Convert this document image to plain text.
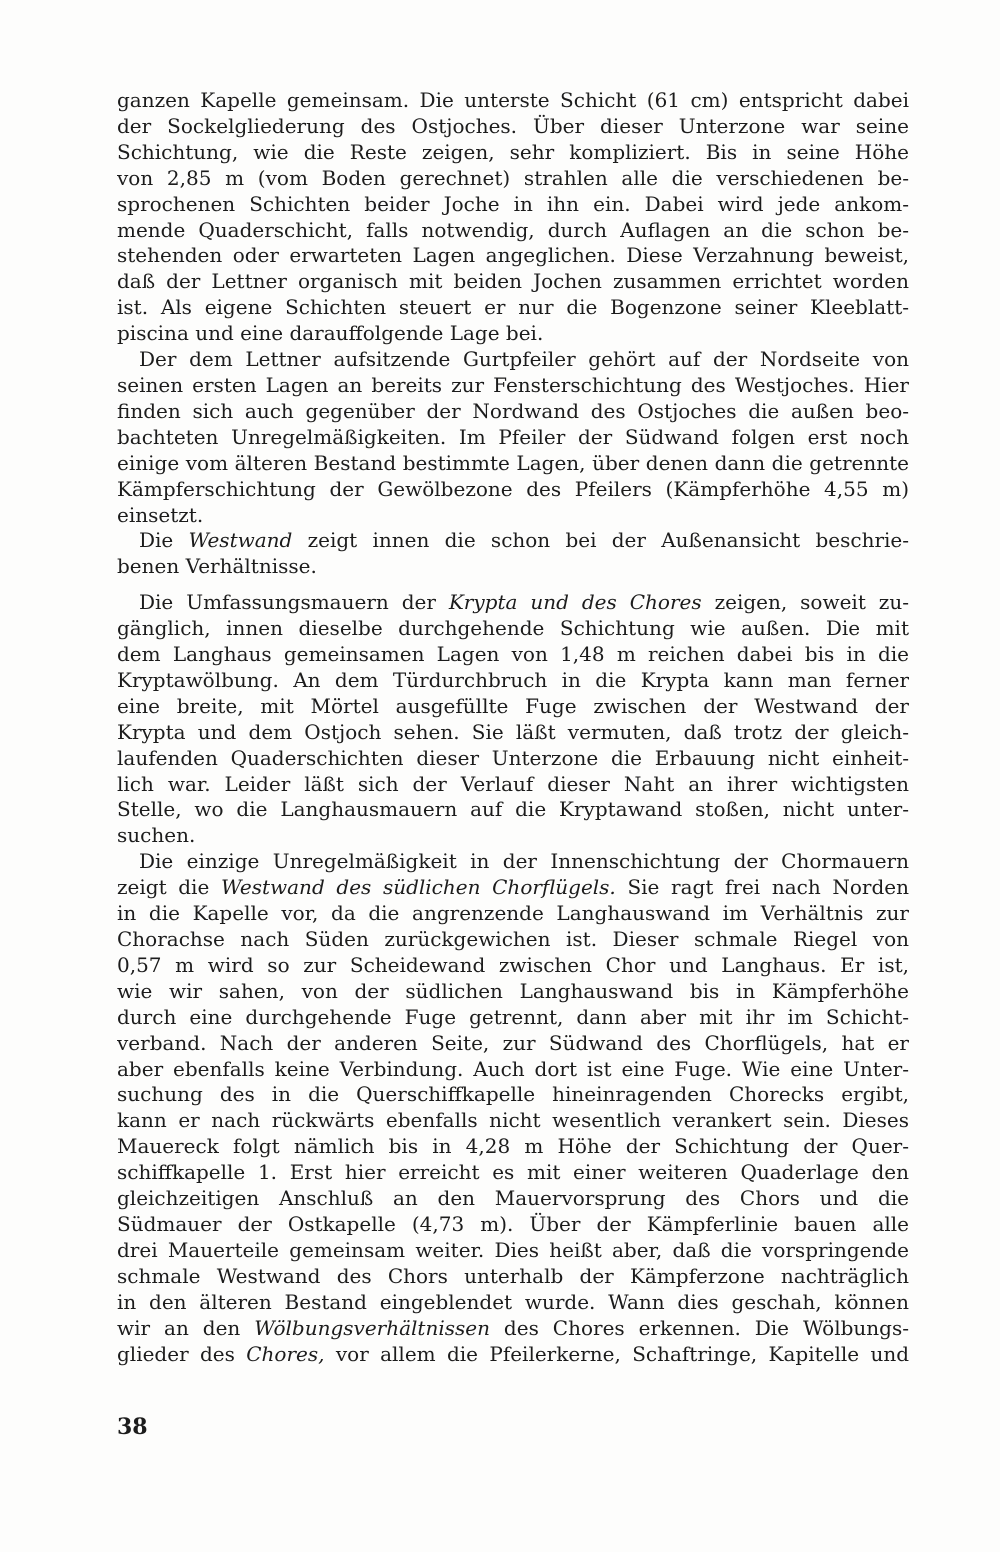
ganzen Kapelle gemeinsam. Die unterste Schicht (61 cm) entspricht dabei
der Sockelgliederung des Ostjoches. Über dieser Unterzone war seine
Schichtung, wie die Reste zeigen, sehr kompliziert. Bis in seine Höhe
von 2,85 m (vom Boden gerechnet) strahlen alle die verschiedenen be-
sprochenen Schichten beider Joche in ihn ein. Dabei wird jede ankom-
mende Quaderschicht, falls notwendig, durch Auflagen an die schon be-
stehenden oder erwarteten Lagen angeglichen. Diese Verzahnung beweist,
daß der Lettner organisch mit beiden Jochen zusammen errichtet worden
ist. Als eigene Schichten steuert er nur die Bogenzone seiner Kleeblatt-
piscina und eine darauffolgende Lage bei.
Der dem Lettner aufsitzende Gurtpfeiler gehört auf der Nordseite von
seinen ersten Lagen an bereits zur Fensterschichtung des Westjoches. Hier
finden sich auch gegenüber der Nordwand des Ostjoches die außen beo-
bachteten Unregelmäßigkeiten. Im Pfeiler der Südwand folgen erst noch
einige vom älteren Bestand bestimmte Lagen, über denen dann die getrennte
Kämpferschichtung der Gewölbezone des Pfeilers (Kämpferhöhe 4,55 m)
einsetzt.
Die Westwand zeigt innen die schon bei der Außenansicht beschrie-
benen Verhältnisse.
Die Umfassungsmauern der Krypta und des Chores zeigen, soweit zu-
gänglich, innen dieselbe durchgehende Schichtung wie außen. Die mit
dem Langhaus gemeinsamen Lagen von 1,48 m reichen dabei bis in die
Kryptawölbung. An dem Türdurchbruch in die Krypta kann man ferner
eine breite, mit Mörtel ausgefüllte Fuge zwischen der Westwand der
Krypta und dem Ostjoch sehen. Sie läßt vermuten, daß trotz der gleich-
laufenden Quaderschichten dieser Unterzone die Erbauung nicht einheit-
lich war. Leider läßt sich der Verlauf dieser Naht an ihrer wichtigsten
Stelle, wo die Langhausmauern auf die Kryptawand stoßen, nicht unter-
suchen.
Die einzige Unregelmäßigkeit in der Innenschichtung der Chormauern
zeigt die Westwand des südlichen Chorflügels. Sie ragt frei nach Norden
in die Kapelle vor, da die angrenzende Langhauswand im Verhältnis zur
Chorachse nach Süden zurückgewichen ist. Dieser schmale Riegel von
0,57 m wird so zur Scheidewand zwischen Chor und Langhaus. Er ist,
wie wir sahen, von der südlichen Langhauswand bis in Kämpferhöhe
durch eine durchgehende Fuge getrennt, dann aber mit ihr im Schicht-
verband. Nach der anderen Seite, zur Südwand des Chorflügels, hat er
aber ebenfalls keine Verbindung. Auch dort ist eine Fuge. Wie eine Unter-
suchung des in die Querschiffkapelle hineinragenden Chorecks ergibt,
kann er nach rückwärts ebenfalls nicht wesentlich verankert sein. Dieses
Mauereck folgt nämlich bis in 4,28 m Höhe der Schichtung der Quer-
schiffkapelle 1. Erst hier erreicht es mit einer weiteren Quaderlage den
gleichzeitigen Anschluß an den Mauervorsprung des Chors und die
Südmauer der Ostkapelle (4,73 m). Über der Kämpferlinie bauen alle
drei Mauerteile gemeinsam weiter. Dies heißt aber, daß die vorspringende
schmale Westwand des Chors unterhalb der Kämpferzone nachträglich
in den älteren Bestand eingeblendet wurde. Wann dies geschah, können
wir an den Wölbungsverhältnissen des Chores erkennen. Die Wölbungs-
glieder des Chores, vor allem die Pfeilerkerne, Schaftringe, Kapitelle und
38
